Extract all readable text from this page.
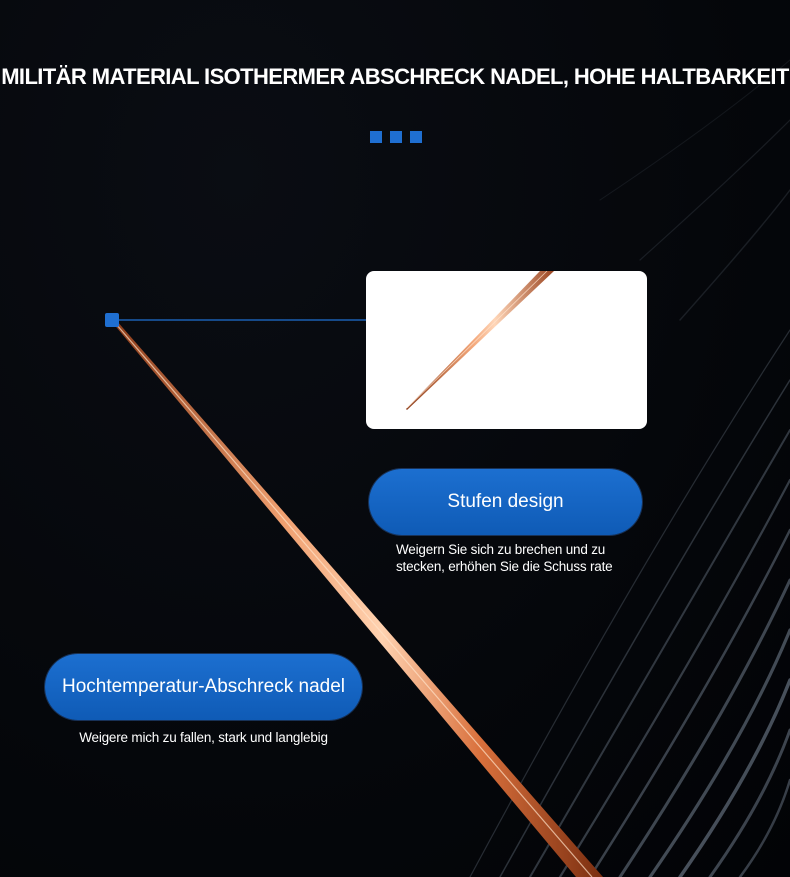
MILITÄR MATERIAL ISOTHERMER ABSCHRECK NADEL, HOHE HALTBARKEIT
Stufen design
Weigern Sie sich zu brechen und zu
stecken, erhöhen Sie die Schuss rate
Hochtemperatur-Abschreck nadel
Weigere mich zu fallen, stark und langlebig
